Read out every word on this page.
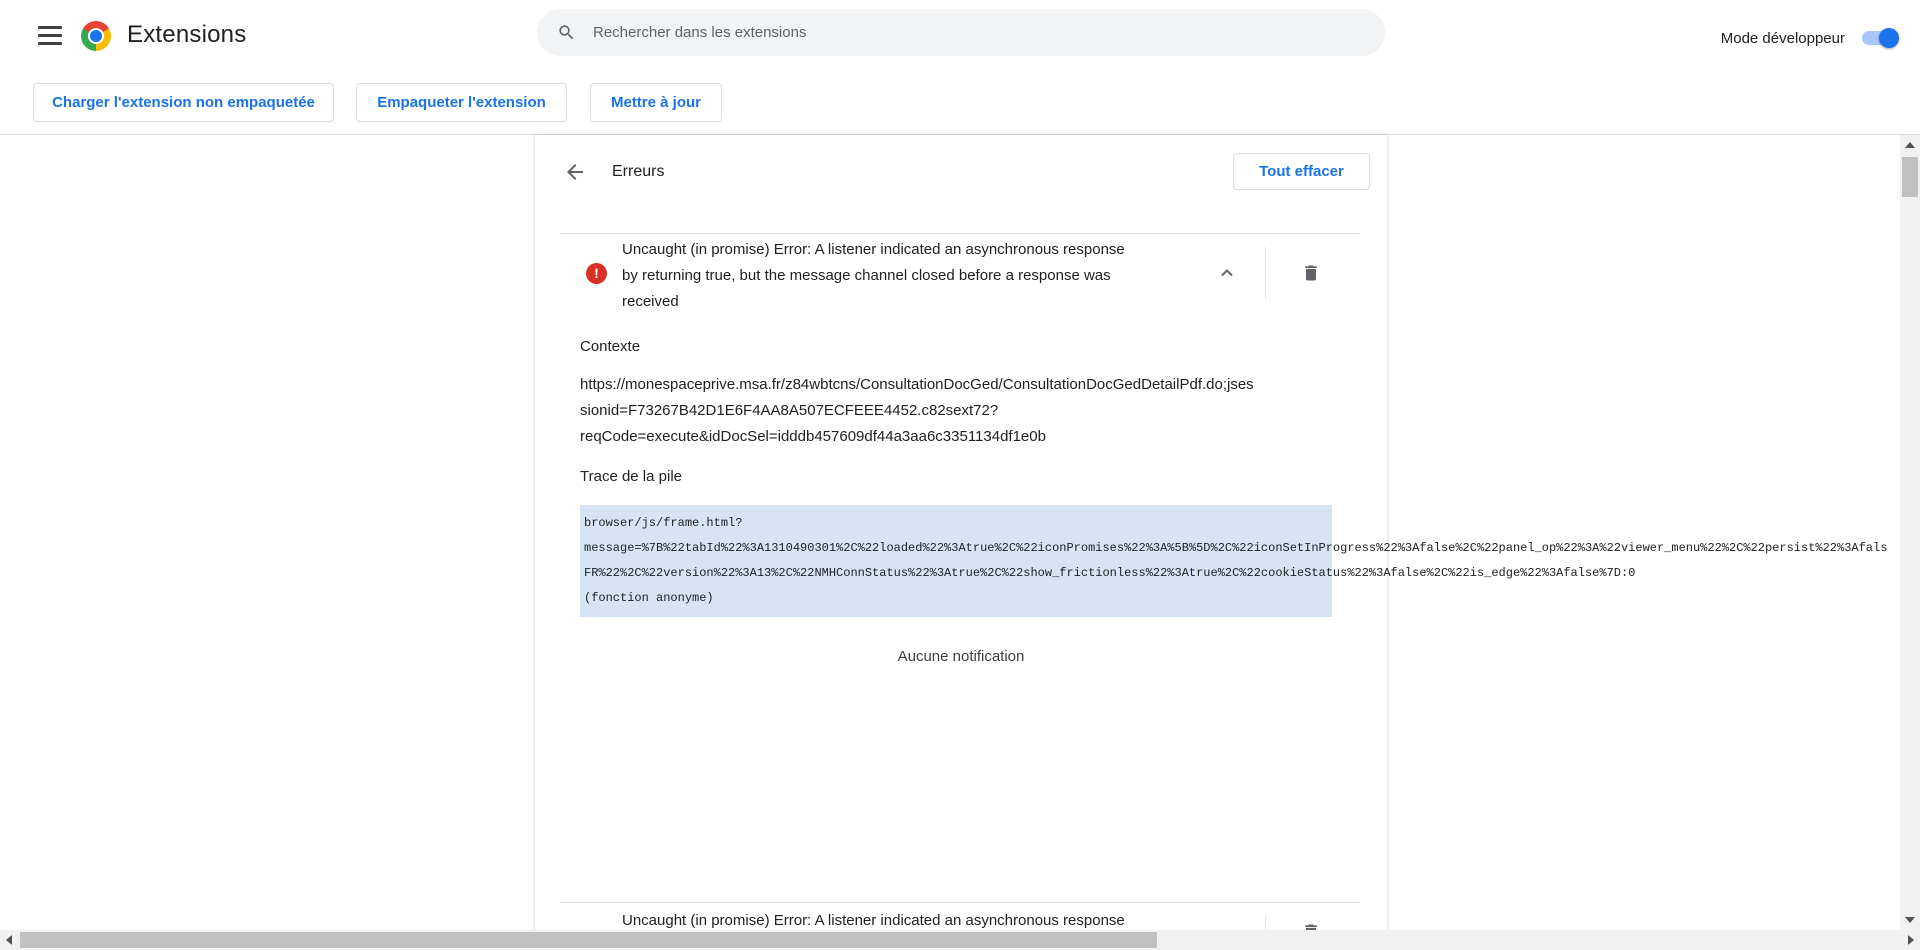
Extensions
Rechercher dans les extensions	Mode développeur
Charger l'extension non empaquetée	Empaqueter l'extension	Mettre à jour
Erreurs	Tout effacer
!
Uncaught (in promise) Error: A listener indicated an asynchronous response
by returning true, but the message channel closed before a response was
received
Contexte
https://monespaceprive.msa.fr/z84wbtcns/ConsultationDocGed/ConsultationDocGedDetailPdf.do;jses
sionid=F73267B42D1E6F4AA8A507ECFEEE4452.c82sext72?
reqCode=execute&idDocSel=idddb457609df44a3aa6c3351134df1e0b
Trace de la pile
browser/js/frame.html?
message=%7B%22tabId%22%3A1310490301%2C%22loaded%22%3Atrue%2C%22iconPromises%22%3A%5B%5D%2C%22iconSetInProgress%22%3Afalse%2C%22panel_op%22%3A%22viewer_menu%22%2C%22persist%22%3Afals
FR%22%2C%22version%22%3A13%2C%22NMHConnStatus%22%3Atrue%2C%22show_frictionless%22%3Atrue%2C%22cookieStatus%22%3Afalse%2C%22is_edge%22%3Afalse%7D:0
(fonction anonyme)
Aucune notification
Uncaught (in promise) Error: A listener indicated an asynchronous response
